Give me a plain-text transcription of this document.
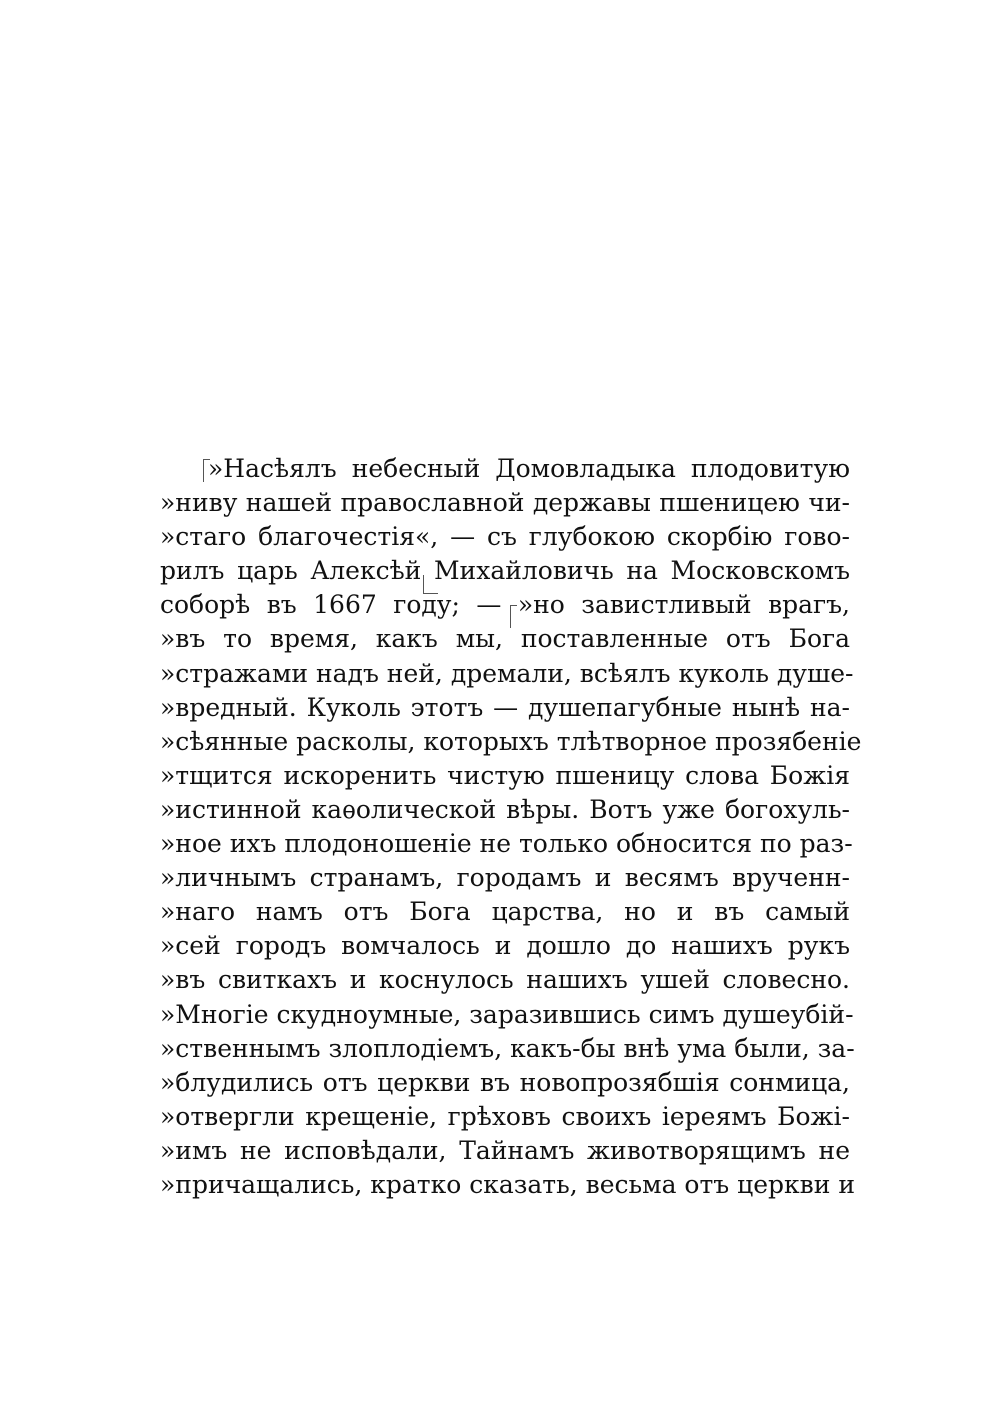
»Насѣялъ небесный Домовладыка плодовитую
»ниву нашей православной державы пшеницею чи-
»стаго благочестія«, — съ глубокою скорбію гово-
рилъ царь Алексѣй Михайловичь на Московскомъ
соборѣ въ 1667 году; — »но завистливый врагъ,
»въ то время, какъ мы, поставленные отъ Бога
»стражами надъ ней, дремали, всѣялъ куколь душе-
»вредный. Куколь этотъ — душепагубные нынѣ на-
»сѣянные расколы, которыхъ тлѣтворное прозябеніе
»тщится искоренить чистую пшеницу слова Божія
»истинной каѳолической вѣры. Вотъ уже богохуль-
»ное ихъ плодоношеніе не только обносится по раз-
»личнымъ странамъ, городамъ и весямъ врученн-
»наго намъ отъ Бога царства, но и въ самый
»сей городъ вомчалось и дошло до нашихъ рукъ
»въ свиткахъ и коснулось нашихъ ушей словесно.
»Многіе скудноумные, заразившись симъ душеубій-
»ственнымъ злоплодіемъ, какъ-бы внѣ ума были, за-
»блудились отъ церкви въ новопрозябшія сонмица,
»отвергли крещеніе, грѣховъ своихъ іереямъ Божі-
»имъ не исповѣдали, Тайнамъ животворящимъ не
»причащались, кратко сказать, весьма отъ церкви и
